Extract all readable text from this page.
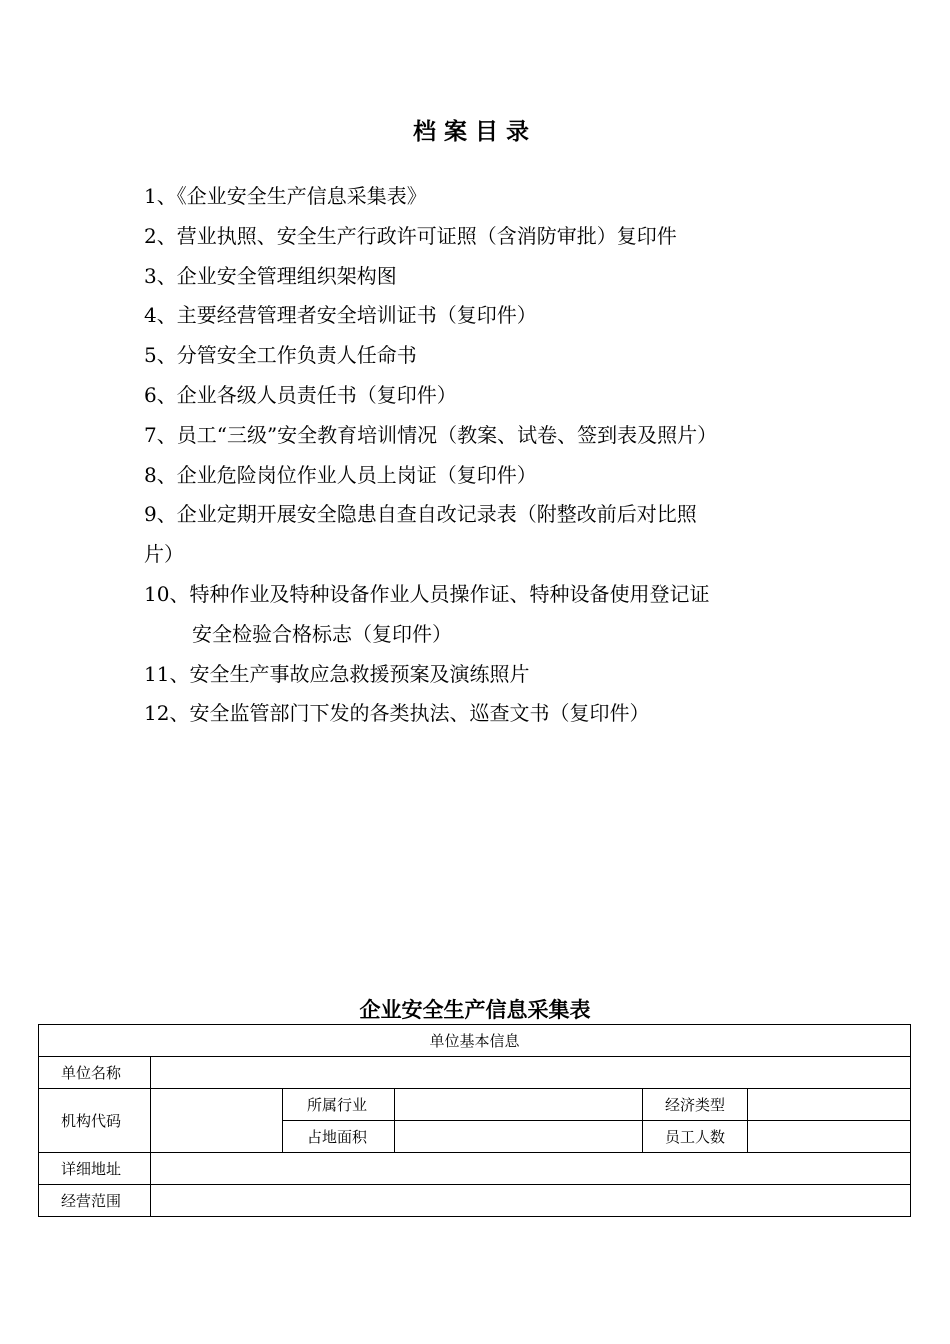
档案目录
1、《企业安全生产信息采集表》
2、营业执照、安全生产行政许可证照（含消防审批）复印件
3、企业安全管理组织架构图
4、主要经营管理者安全培训证书（复印件）
5、分管安全工作负责人任命书
6、企业各级人员责任书（复印件）
7、员工“三级”安全教育培训情况（教案、试卷、签到表及照片）
8、企业危险岗位作业人员上岗证（复印件）
9、企业定期开展安全隐患自查自改记录表（附整改前后对比照
片）
10、特种作业及特种设备作业人员操作证、特种设备使用登记证
安全检验合格标志（复印件）
11、安全生产事故应急救援预案及演练照片
12、安全监管部门下发的各类执法、巡查文书（复印件）
企业安全生产信息采集表
单位基本信息					
单位名称					
机构代码		所属行业		经济类型	
		占地面积		员工人数	
详细地址					
经营范围					
